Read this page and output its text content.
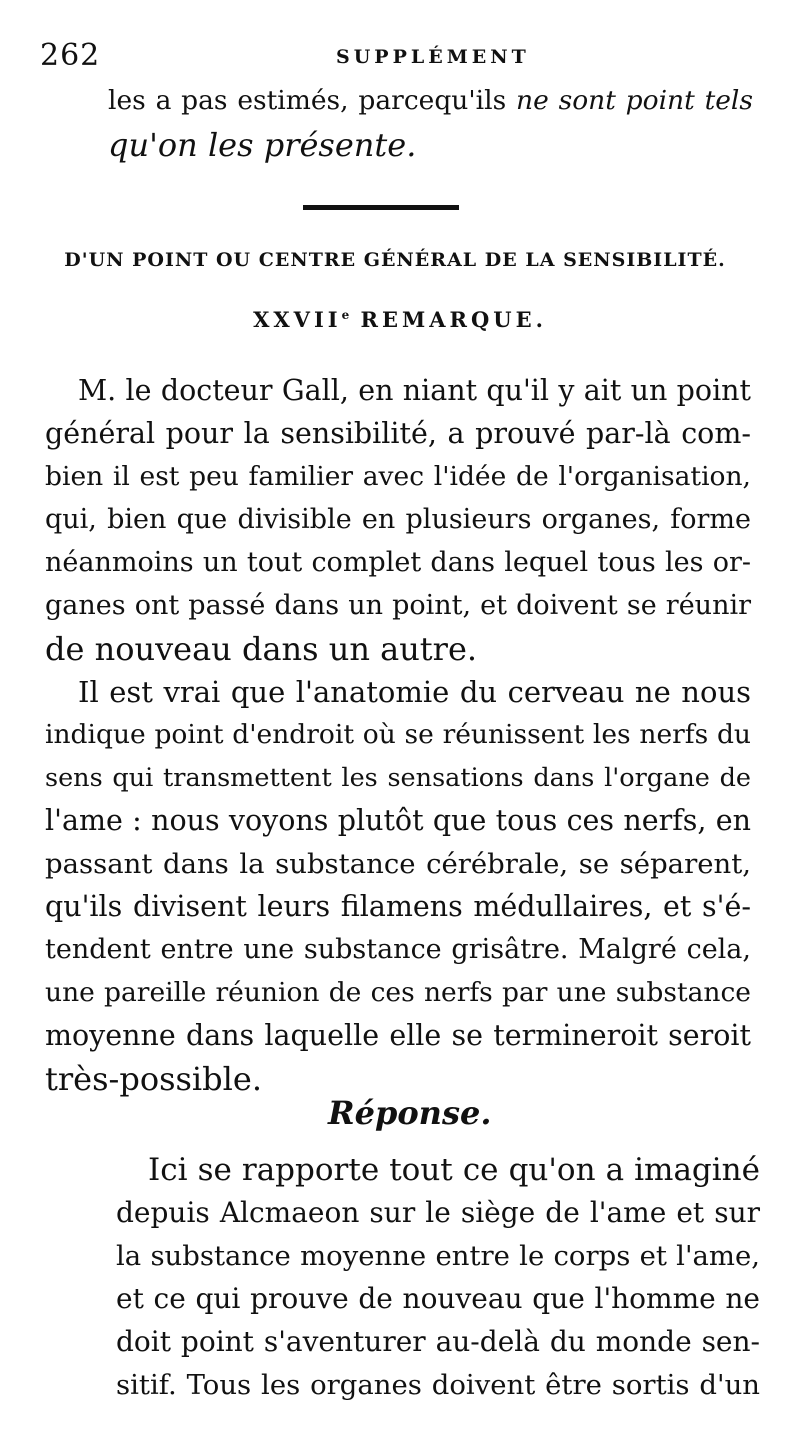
262	SUPPLÉMENT
les a pas estimés, parcequ'ils ne sont point tels
qu'on les présente.
D'UN POINT OU CENTRE GÉNÉRAL DE LA SENSIBILITÉ.
XXVIIe REMARQUE.
M. le docteur Gall, en niant qu'il y ait un point
général pour la sensibilité, a prouvé par-là com-
bien il est peu familier avec l'idée de l'organisation,
qui, bien que divisible en plusieurs organes, forme
néanmoins un tout complet dans lequel tous les or-
ganes ont passé dans un point, et doivent se réunir
de nouveau dans un autre.
Il est vrai que l'anatomie du cerveau ne nous
indique point d'endroit où se réunissent les nerfs du
sens qui transmettent les sensations dans l'organe de
l'ame : nous voyons plutôt que tous ces nerfs, en
passant dans la substance cérébrale, se séparent,
qu'ils divisent leurs filamens médullaires, et s'é-
tendent entre une substance grisâtre. Malgré cela,
une pareille réunion de ces nerfs par une substance
moyenne dans laquelle elle se termineroit seroit
très-possible.
Réponse.
Ici se rapporte tout ce qu'on a imaginé
depuis Alcmaeon sur le siège de l'ame et sur
la substance moyenne entre le corps et l'ame,
et ce qui prouve de nouveau que l'homme ne
doit point s'aventurer au-delà du monde sen-
sitif. Tous les organes doivent être sortis d'un
